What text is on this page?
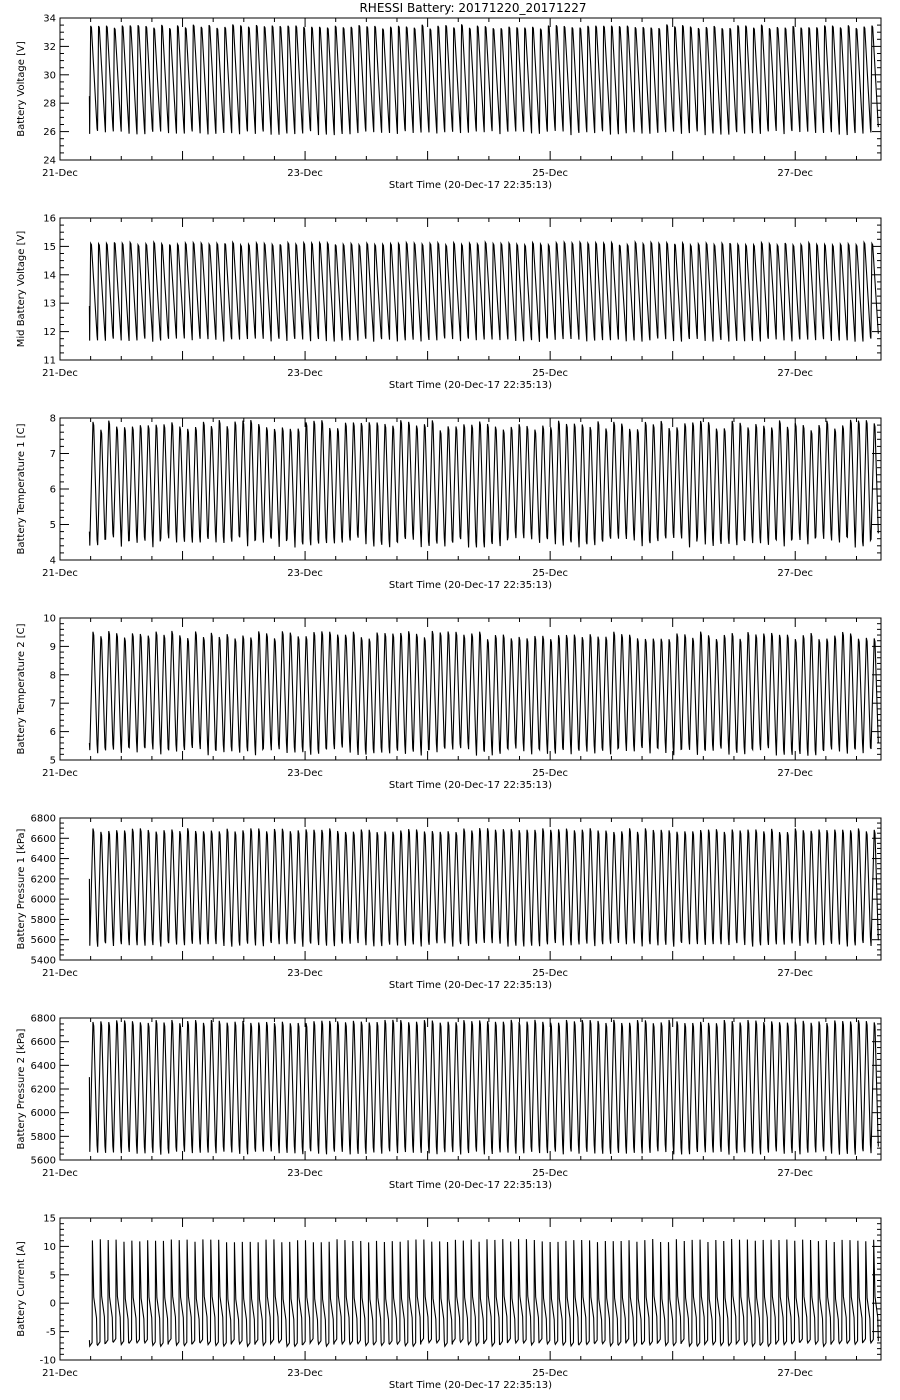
RHESSI Battery: 20171220_20171227
24
26
28
30
32
34
21-Dec	23-Dec	25-Dec	27-Dec
Start Time (20-Dec-17 22:35:13)
Battery Voltage [V]
11
12
13
14
15
16
21-Dec	23-Dec	25-Dec	27-Dec
Start Time (20-Dec-17 22:35:13)
Mid Battery Voltage [V]
4
5
6
7
8
21-Dec	23-Dec	25-Dec	27-Dec
Start Time (20-Dec-17 22:35:13)
Battery Temperature 1 [C]
5
6
7
8
9
10
21-Dec	23-Dec	25-Dec	27-Dec
Start Time (20-Dec-17 22:35:13)
Battery Temperature 2 [C]
5400
5600
5800
6000
6200
6400
6600
6800
21-Dec	23-Dec	25-Dec	27-Dec
Start Time (20-Dec-17 22:35:13)
Battery Pressure 1 [kPa]
5600
5800
6000
6200
6400
6600
6800
21-Dec	23-Dec	25-Dec	27-Dec
Start Time (20-Dec-17 22:35:13)
Battery Pressure 2 [kPa]
-10
-5
0
5
10
15
21-Dec	23-Dec	25-Dec	27-Dec
Start Time (20-Dec-17 22:35:13)
Battery Current [A]
